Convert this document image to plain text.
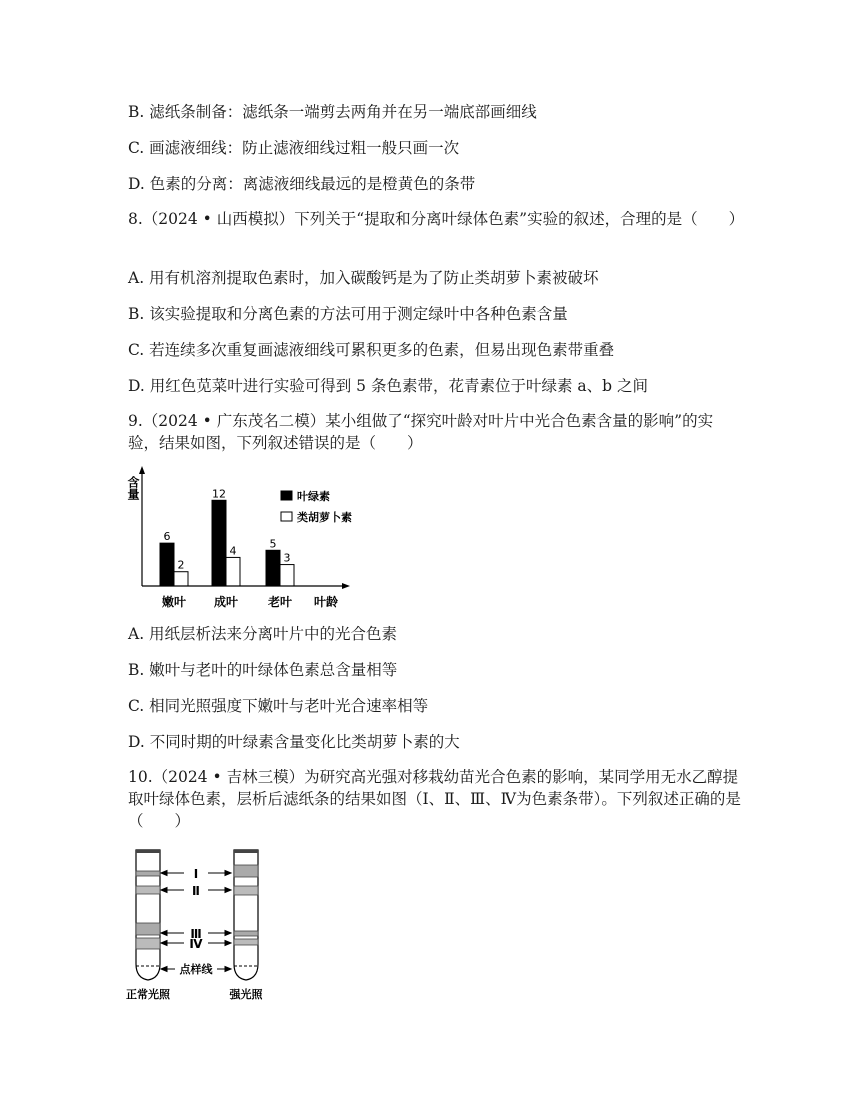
B. 滤纸条制备：滤纸条一端剪去两角并在另一端底部画细线
C. 画滤液细线：防止滤液细线过粗一般只画一次
D. 色素的分离：离滤液细线最远的是橙黄色的条带
8.（2024 • 山西模拟）下列关于“提取和分离叶绿体色素”实验的叙述，合理的是（　　）
A. 用有机溶剂提取色素时，加入碳酸钙是为了防止类胡萝卜素被破坏
B. 该实验提取和分离色素的方法可用于测定绿叶中各种色素含量
C. 若连续多次重复画滤液细线可累积更多的色素，但易出现色素带重叠
D. 用红色苋菜叶进行实验可得到 5 条色素带，花青素位于叶绿素 a、b 之间
9.（2024 • 广东茂名二模）某小组做了“探究叶龄对叶片中光合色素含量的影响”的实验，结果如图，下列叙述错误的是（　　）
6
2
嫩叶
12
4
成叶
5
3
老叶
含量
叶龄
叶绿素
类胡萝卜素
A. 用纸层析法来分离叶片中的光合色素
B. 嫩叶与老叶的叶绿体色素总含量相等
C. 相同光照强度下嫩叶与老叶光合速率相等
D. 不同时期的叶绿素含量变化比类胡萝卜素的大
10.（2024 • 吉林三模）为研究高光强对移栽幼苗光合色素的影响，某同学用无水乙醇提取叶绿体色素，层析后滤纸条的结果如图（Ⅰ、Ⅱ、Ⅲ、Ⅳ为色素条带）。下列叙述正确的是（　　）
Ⅰ
Ⅱ
Ⅲ
Ⅳ
点样线
正常光照	强光照
